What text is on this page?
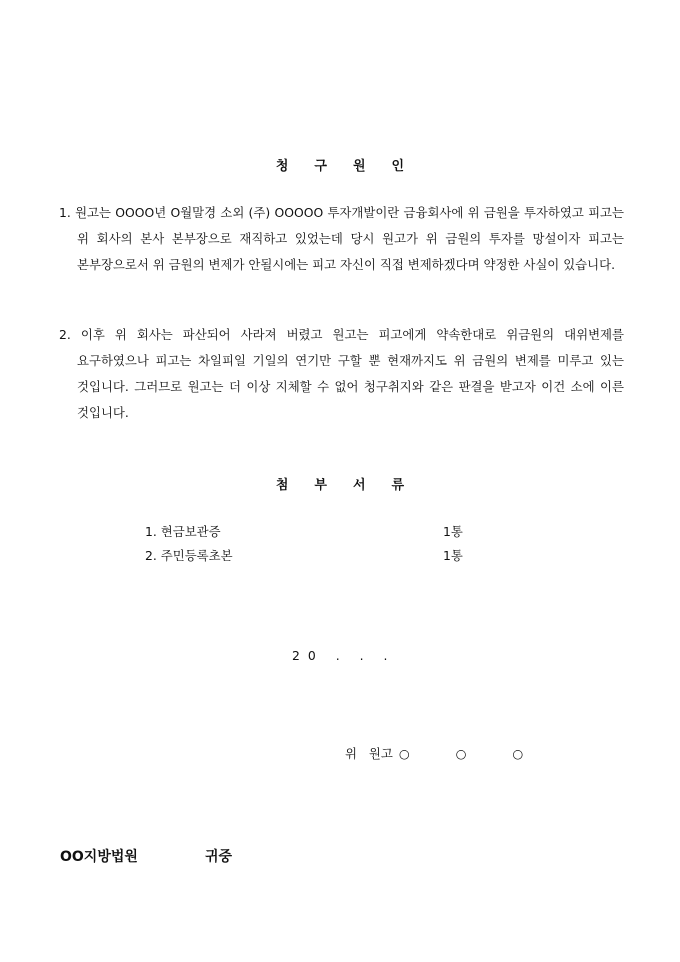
청구원인
1. 원고는 OOOO년 O월말경 소외 (주) OOOOO 투자개발이란 금융회사에 위 금원을 투자하였고 피고는 위 회사의 본사 본부장으로 재직하고 있었는데 당시 원고가 위 금원의 투자를 망설이자 피고는 본부장으로서 위 금원의 변제가 안될시에는 피고 자신이 직접 변제하겠다며 약정한 사실이 있습니다.
2. 이후 위 회사는 파산되어 사라져 버렸고 원고는 피고에게 약속한대로 위금원의 대위변제를 요구하였으나 피고는 차일피일 기일의 연기만 구할 뿐 현재까지도 위 금원의 변제를 미루고 있는 것입니다. 그러므로 원고는 더 이상 지체할 수 없어 청구취지와 같은 판결을 받고자 이건 소에 이른 것입니다.
첨부서류
1. 현금보관증	1통
2. 주민등록초본	1통
20 . . .
위 원고 ○ ○ ○
OO지방법원	귀중
